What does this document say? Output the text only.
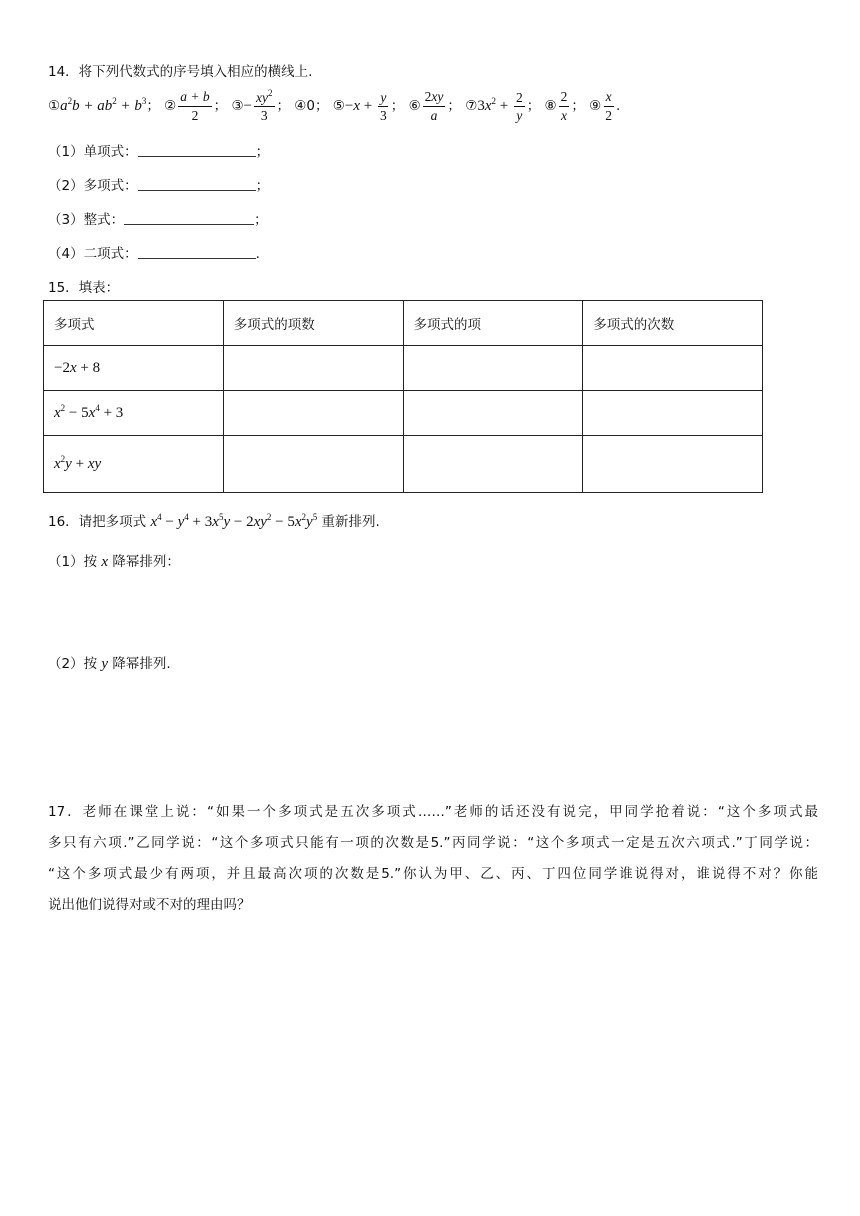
14．将下列代数式的序号填入相应的横线上.
$①a^2b + ab^2 + b^3$； ② $\frac{a + b}{2}$ ； ③− $\frac{xy^2}{3}$ ； ④0； ⑤−x + $\frac{y}{3}$ ； ⑥ $\frac{2xy}{a}$ ； $⑦3x^2 + \frac{2}{y}$ ； ⑧ $\frac{2}{x}$ ； ⑨ $\frac{x}{2}$ .
（1）单项式：	；
（2）多项式：	；
（3）整式：	；
（4）二项式：	.
15．填表：
多项式	多项式的项数	多项式的项	多项式的次数
−2x + 8			
$x^2 - 5x^4 + 3$			
$x^2y$ + xy			
16．请把多项式 $x^4 - y^4 + 3x^5y - 2xy^2 - 5x^2y^5$ 重新排列.
（1）按 x 降幂排列：
（2）按 y 降幂排列.
17．老师在课堂上说：“如果一个多项式是五次多项式……”老师的话还没有说完，甲同学抢着说：“这个多项式最
多只有六项.”乙同学说：“这个多项式只能有一项的次数是5.”丙同学说：“这个多项式一定是五次六项式.”丁同学说：
“这个多项式最少有两项，并且最高次项的次数是5.”你认为甲、乙、丙、丁四位同学谁说得对，谁说得不对？你能
说出他们说得对或不对的理由吗？
